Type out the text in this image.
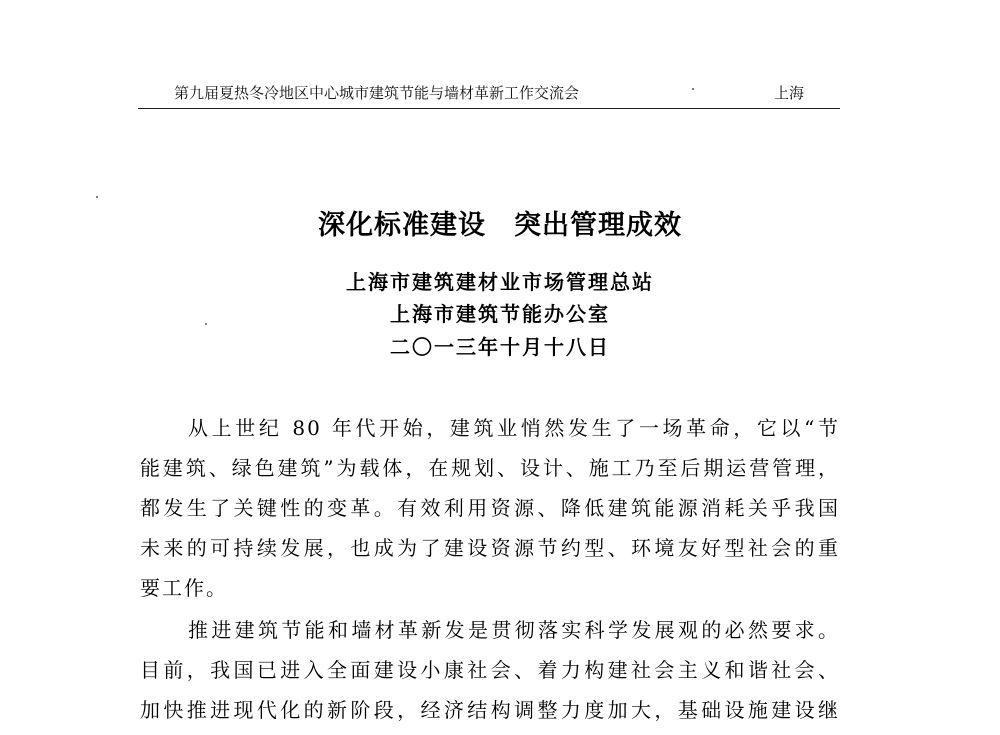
第九届夏热冬冷地区中心城市建筑节能与墙材革新工作交流会	上海
深化标准建设　突出管理成效
上海市建筑建材业市场管理总站
上海市建筑节能办公室
二〇一三年十月十八日
从上世纪 80 年代开始，建筑业悄然发生了一场革命，它以“节
能建筑、绿色建筑”为载体，在规划、设计、施工乃至后期运营管理，
都发生了关键性的变革。有效利用资源、降低建筑能源消耗关乎我国
未来的可持续发展，也成为了建设资源节约型、环境友好型社会的重
要工作。
推进建筑节能和墙材革新发是贯彻落实科学发展观的必然要求。
目前，我国已进入全面建设小康社会、着力构建社会主义和谐社会、
加快推进现代化的新阶段，经济结构调整力度加大，基础设施建设继
